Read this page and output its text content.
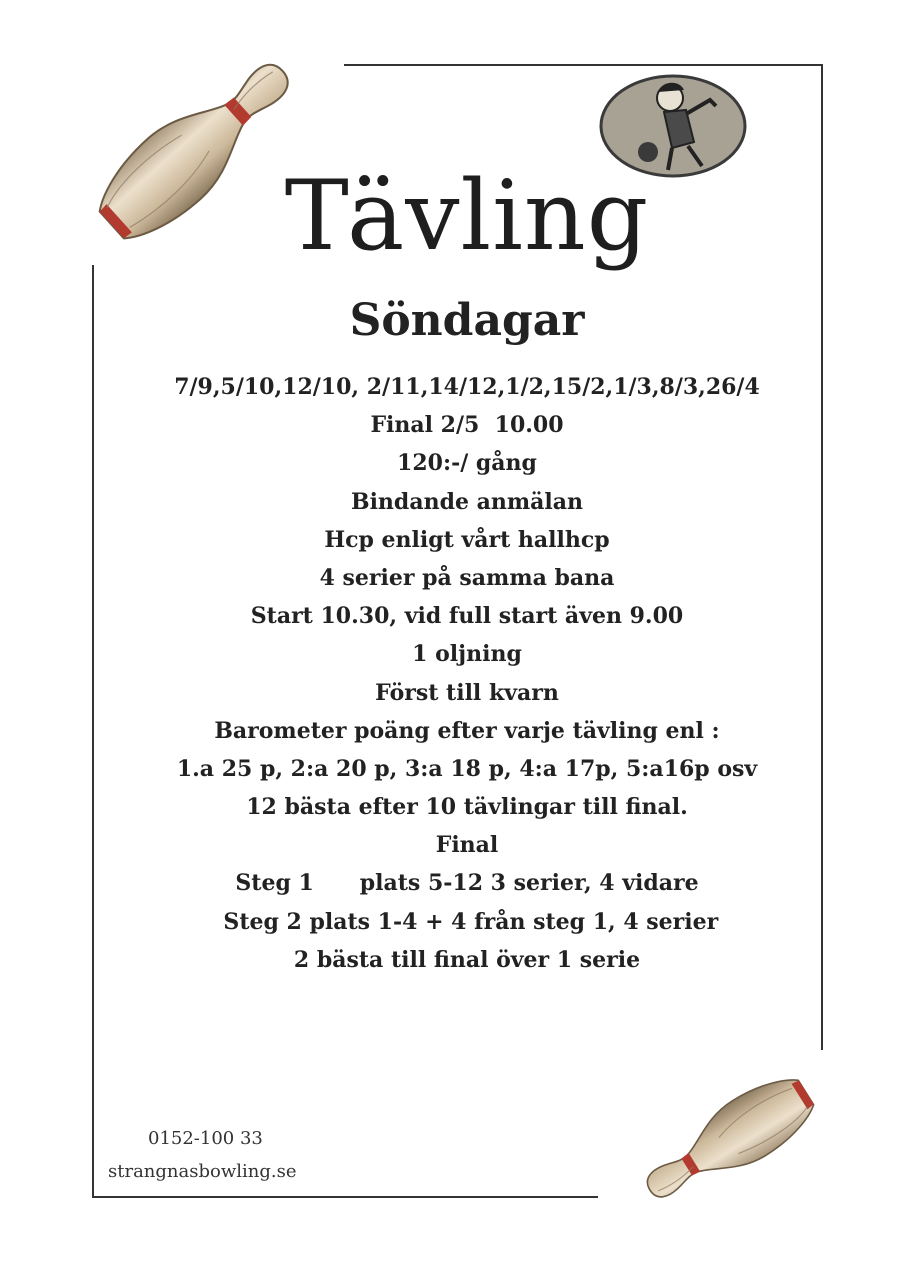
Tävling
Söndagar
7/9,5/10,12/10, 2/11,14/12,1/2,15/2,1/3,8/3,26/4
Final 2/5  10.00
120:-/ gång
Bindande anmälan
Hcp enligt vårt hallhcp
4 serier på samma bana
Start 10.30, vid full start även 9.00
1 oljning
Först till kvarn
Barometer poäng efter varje tävling enl :
1.a 25 p, 2:a 20 p, 3:a 18 p, 4:a 17p, 5:a16p osv
12 bästa efter 10 tävlingar till final.
Final
Steg 1      plats 5-12 3 serier, 4 vidare
Steg 2 plats 1-4 + 4 från steg 1, 4 serier
2 bästa till final över 1 serie
0152-100 33
strangnasbowling.se
